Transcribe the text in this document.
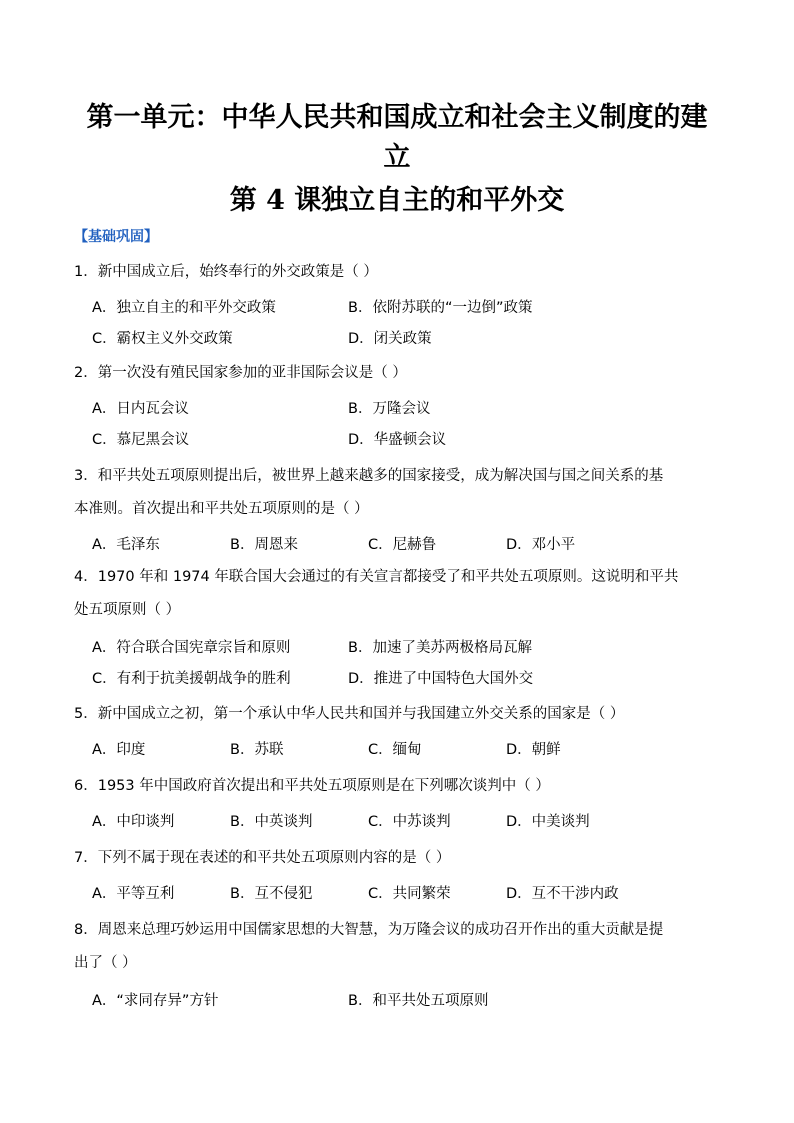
第一单元：中华人民共和国成立和社会主义制度的建
立
第 4 课独立自主的和平外交
【基础巩固】
1．新中国成立后，始终奉行的外交政策是（ ）
A．独立自主的和平外交政策	B．依附苏联的“一边倒”政策
C．霸权主义外交政策	D．闭关政策
2．第一次没有殖民国家参加的亚非国际会议是（ ）
A．日内瓦会议	B．万隆会议
C．慕尼黑会议	D．华盛顿会议
3．和平共处五项原则提出后，被世界上越来越多的国家接受，成为解决国与国之间关系的基
本准则。首次提出和平共处五项原则的是（ ）
A．毛泽东	B．周恩来	C．尼赫鲁	D．邓小平
4．1970 年和 1974 年联合国大会通过的有关宣言都接受了和平共处五项原则。这说明和平共
处五项原则（ ）
A．符合联合国宪章宗旨和原则	B．加速了美苏两极格局瓦解
C．有利于抗美援朝战争的胜利	D．推进了中国特色大国外交
5．新中国成立之初，第一个承认中华人民共和国并与我国建立外交关系的国家是（ ）
A．印度	B．苏联	C．缅甸	D．朝鲜
6．1953 年中国政府首次提出和平共处五项原则是在下列哪次谈判中（ ）
A．中印谈判	B．中英谈判	C．中苏谈判	D．中美谈判
7．下列不属于现在表述的和平共处五项原则内容的是（ ）
A．平等互利	B．互不侵犯	C．共同繁荣	D．互不干涉内政
8．周恩来总理巧妙运用中国儒家思想的大智慧，为万隆会议的成功召开作出的重大贡献是提
出了（ ）
A．“求同存异”方针	B．和平共处五项原则
